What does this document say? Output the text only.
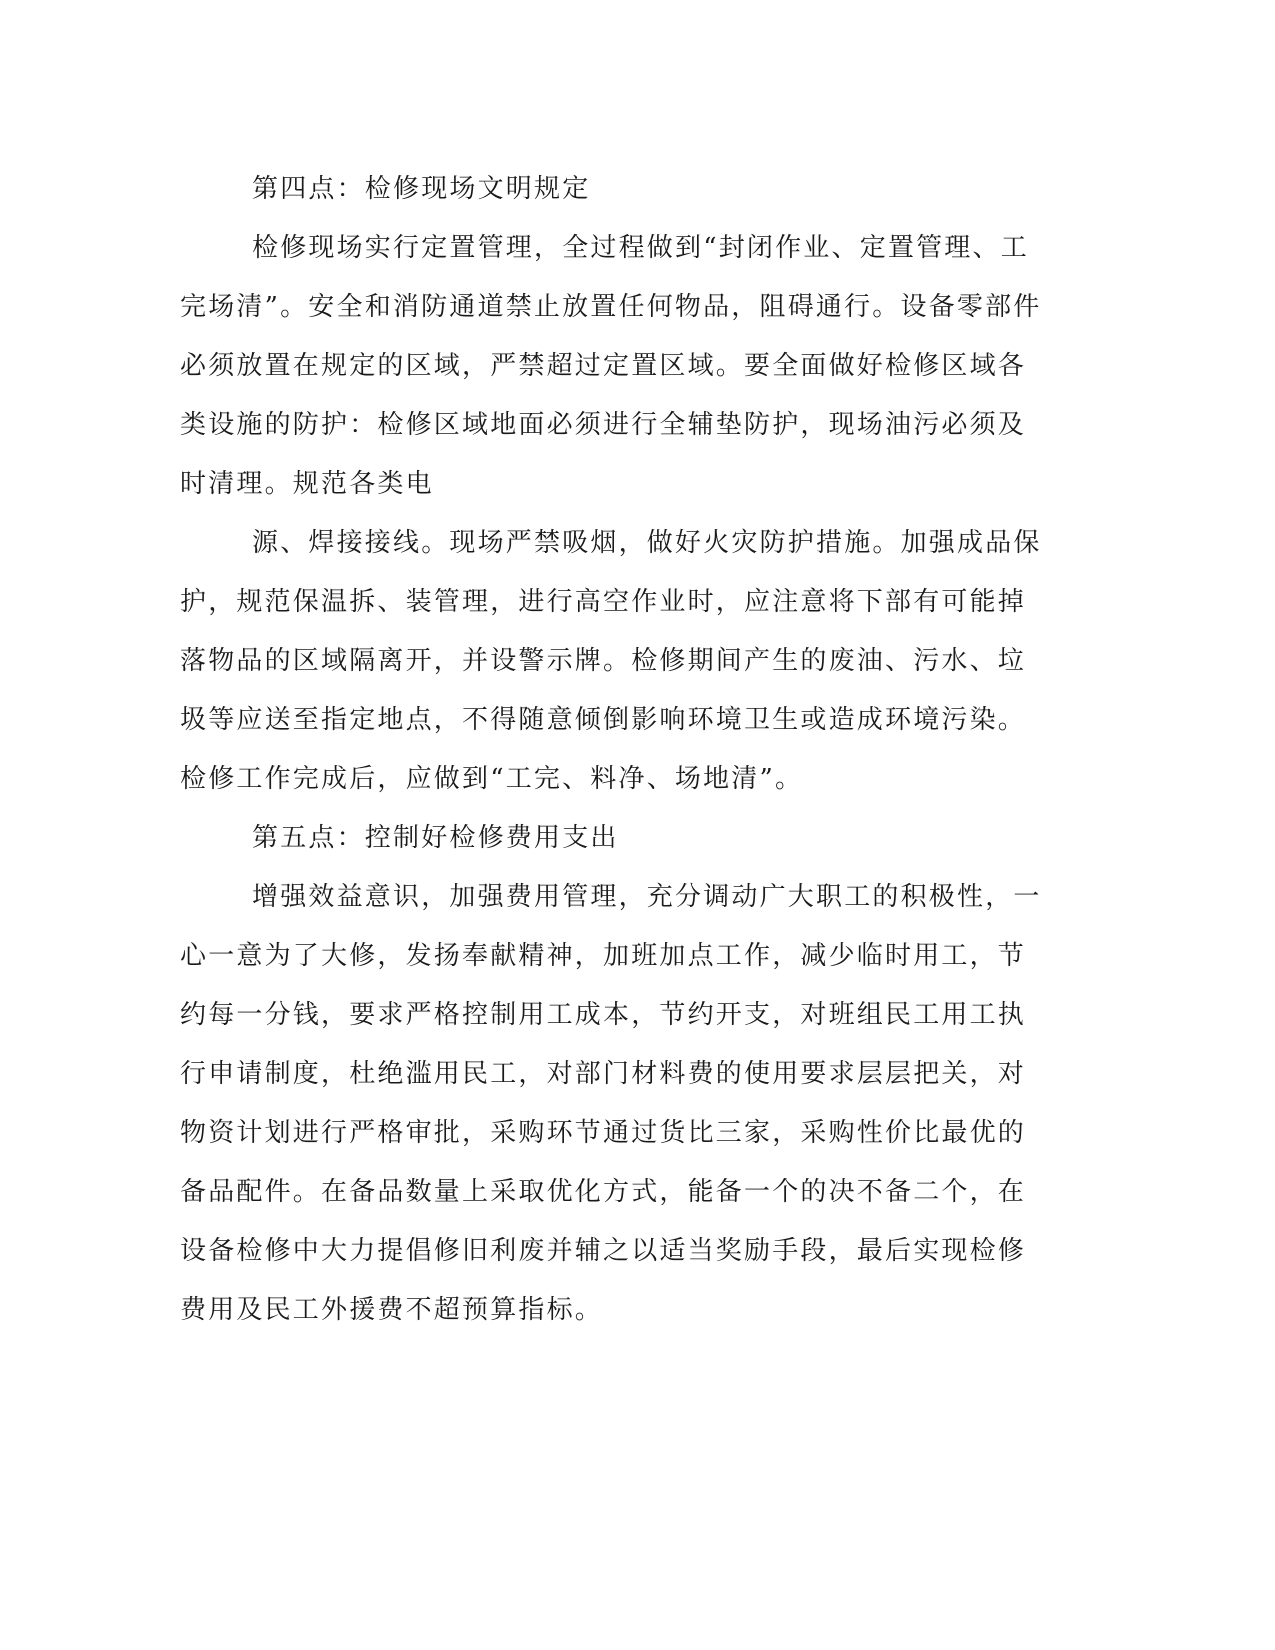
第四点：检修现场文明规定
检修现场实行定置管理，全过程做到“封闭作业、定置管理、工
完场清”。安全和消防通道禁止放置任何物品，阻碍通行。设备零部件
必须放置在规定的区域，严禁超过定置区域。要全面做好检修区域各
类设施的防护：检修区域地面必须进行全辅垫防护，现场油污必须及
时清理。规范各类电
源、焊接接线。现场严禁吸烟，做好火灾防护措施。加强成品保
护，规范保温拆、装管理，进行高空作业时，应注意将下部有可能掉
落物品的区域隔离开，并设警示牌。检修期间产生的废油、污水、垃
圾等应送至指定地点，不得随意倾倒影响环境卫生或造成环境污染。
检修工作完成后，应做到“工完、料净、场地清”。
第五点：控制好检修费用支出
增强效益意识，加强费用管理，充分调动广大职工的积极性，一
心一意为了大修，发扬奉献精神，加班加点工作，减少临时用工，节
约每一分钱，要求严格控制用工成本，节约开支，对班组民工用工执
行申请制度，杜绝滥用民工，对部门材料费的使用要求层层把关，对
物资计划进行严格审批，采购环节通过货比三家，采购性价比最优的
备品配件。在备品数量上采取优化方式，能备一个的决不备二个，在
设备检修中大力提倡修旧利废并辅之以适当奖励手段，最后实现检修
费用及民工外援费不超预算指标。
